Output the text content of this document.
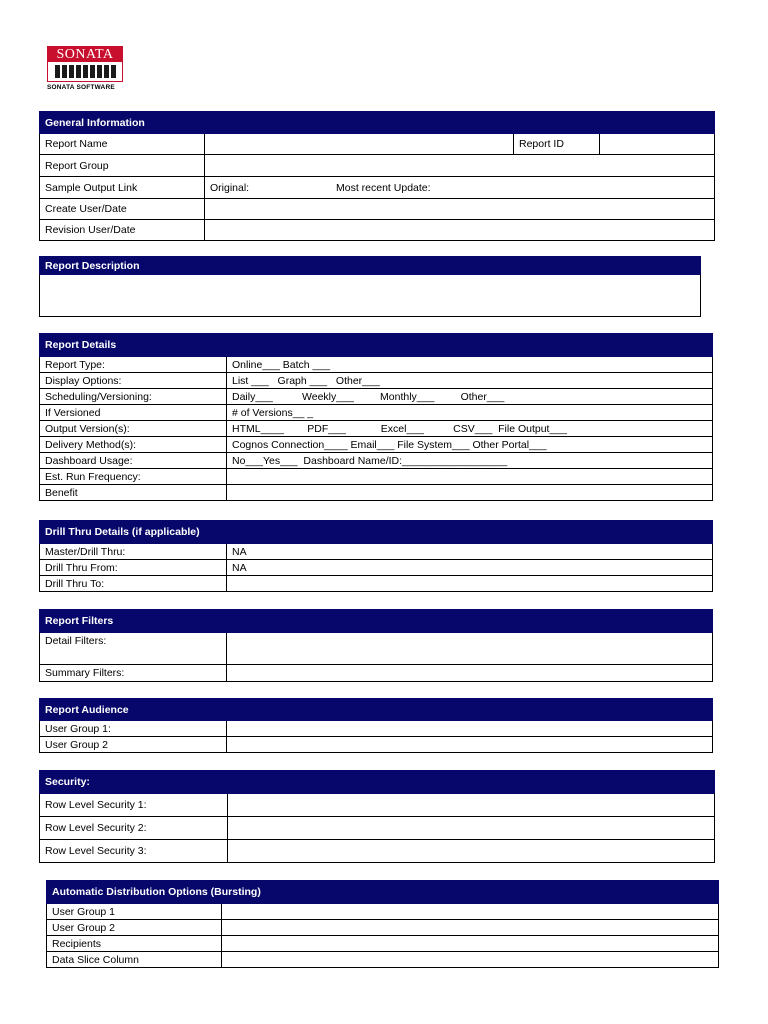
SONATA
SONATA SOFTWARE
General Information			
Report Name		Report ID	
Report Group			
Sample Output Link	Original: Most recent Update:		
Create User/Date			
Revision User/Date			
Report Description

Report Details	
Report Type:	Online___ Batch ___
Display Options:	List ___   Graph ___   Other___
Scheduling/Versioning:	Daily___          Weekly___         Monthly___         Other___
If Versioned	# of Versions__ _
Output Version(s):	HTML____        PDF___            Excel___          CSV___  File Output___
Delivery Method(s):	Cognos Connection____ Email___ File System___ Other Portal___
Dashboard Usage:	No___Yes___  Dashboard Name/ID:__________________
Est. Run Frequency:	
Benefit	
Drill Thru Details (if applicable)	
Master/Drill Thru:	NA
Drill Thru From:	NA
Drill Thru To:	
Report Filters	
Detail Filters:	
Summary Filters:	
Report Audience	
User Group 1:	
User Group 2	
Security:	
Row Level Security 1:	
Row Level Security 2:	
Row Level Security 3:	
Automatic Distribution Options (Bursting)	
User Group 1	
User Group 2	
Recipients	
Data Slice Column	
